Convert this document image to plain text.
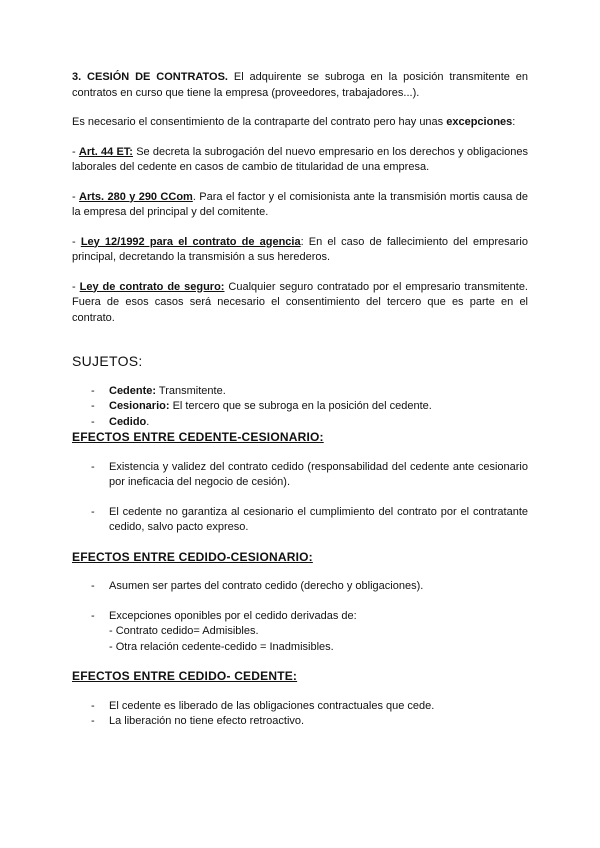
3. CESIÓN DE CONTRATOS. El adquirente se subroga en la posición transmitente en contratos en curso que tiene la empresa (proveedores, trabajadores...).

Es necesario el consentimiento de la contraparte del contrato pero hay unas excepciones:

- Art. 44 ET: Se decreta la subrogación del nuevo empresario en los derechos y obligaciones laborales del cedente en casos de cambio de titularidad de una empresa.

- Arts. 280 y 290 CCom. Para el factor y el comisionista ante la transmisión mortis causa de la empresa del principal y del comitente.

- Ley 12/1992 para el contrato de agencia: En el caso de fallecimiento del empresario principal, decretando la transmisión a sus herederos.

- Ley de contrato de seguro: Cualquier seguro contratado por el empresario transmitente. Fuera de esos casos será necesario el consentimiento del tercero que es parte en el contrato.

SUJETOS:
- Cedente: Transmitente.
- Cesionario: El tercero que se subroga en la posición del cedente.
- Cedido.
EFECTOS ENTRE CEDENTE-CESIONARIO:
- Existencia y validez del contrato cedido (responsabilidad del cedente ante cesionario por ineficacia del negocio de cesión).
- El cedente no garantiza al cesionario el cumplimiento del contrato por el contratante cedido, salvo pacto expreso.
EFECTOS ENTRE CEDIDO-CESIONARIO:
- Asumen ser partes del contrato cedido (derecho y obligaciones).
- Excepciones oponibles por el cedido derivadas de:
- Contrato cedido= Admisibles.
- Otra relación cedente-cedido = Inadmisibles.
EFECTOS ENTRE CEDIDO- CEDENTE:
- El cedente es liberado de las obligaciones contractuales que cede.
- La liberación no tiene efecto retroactivo.
